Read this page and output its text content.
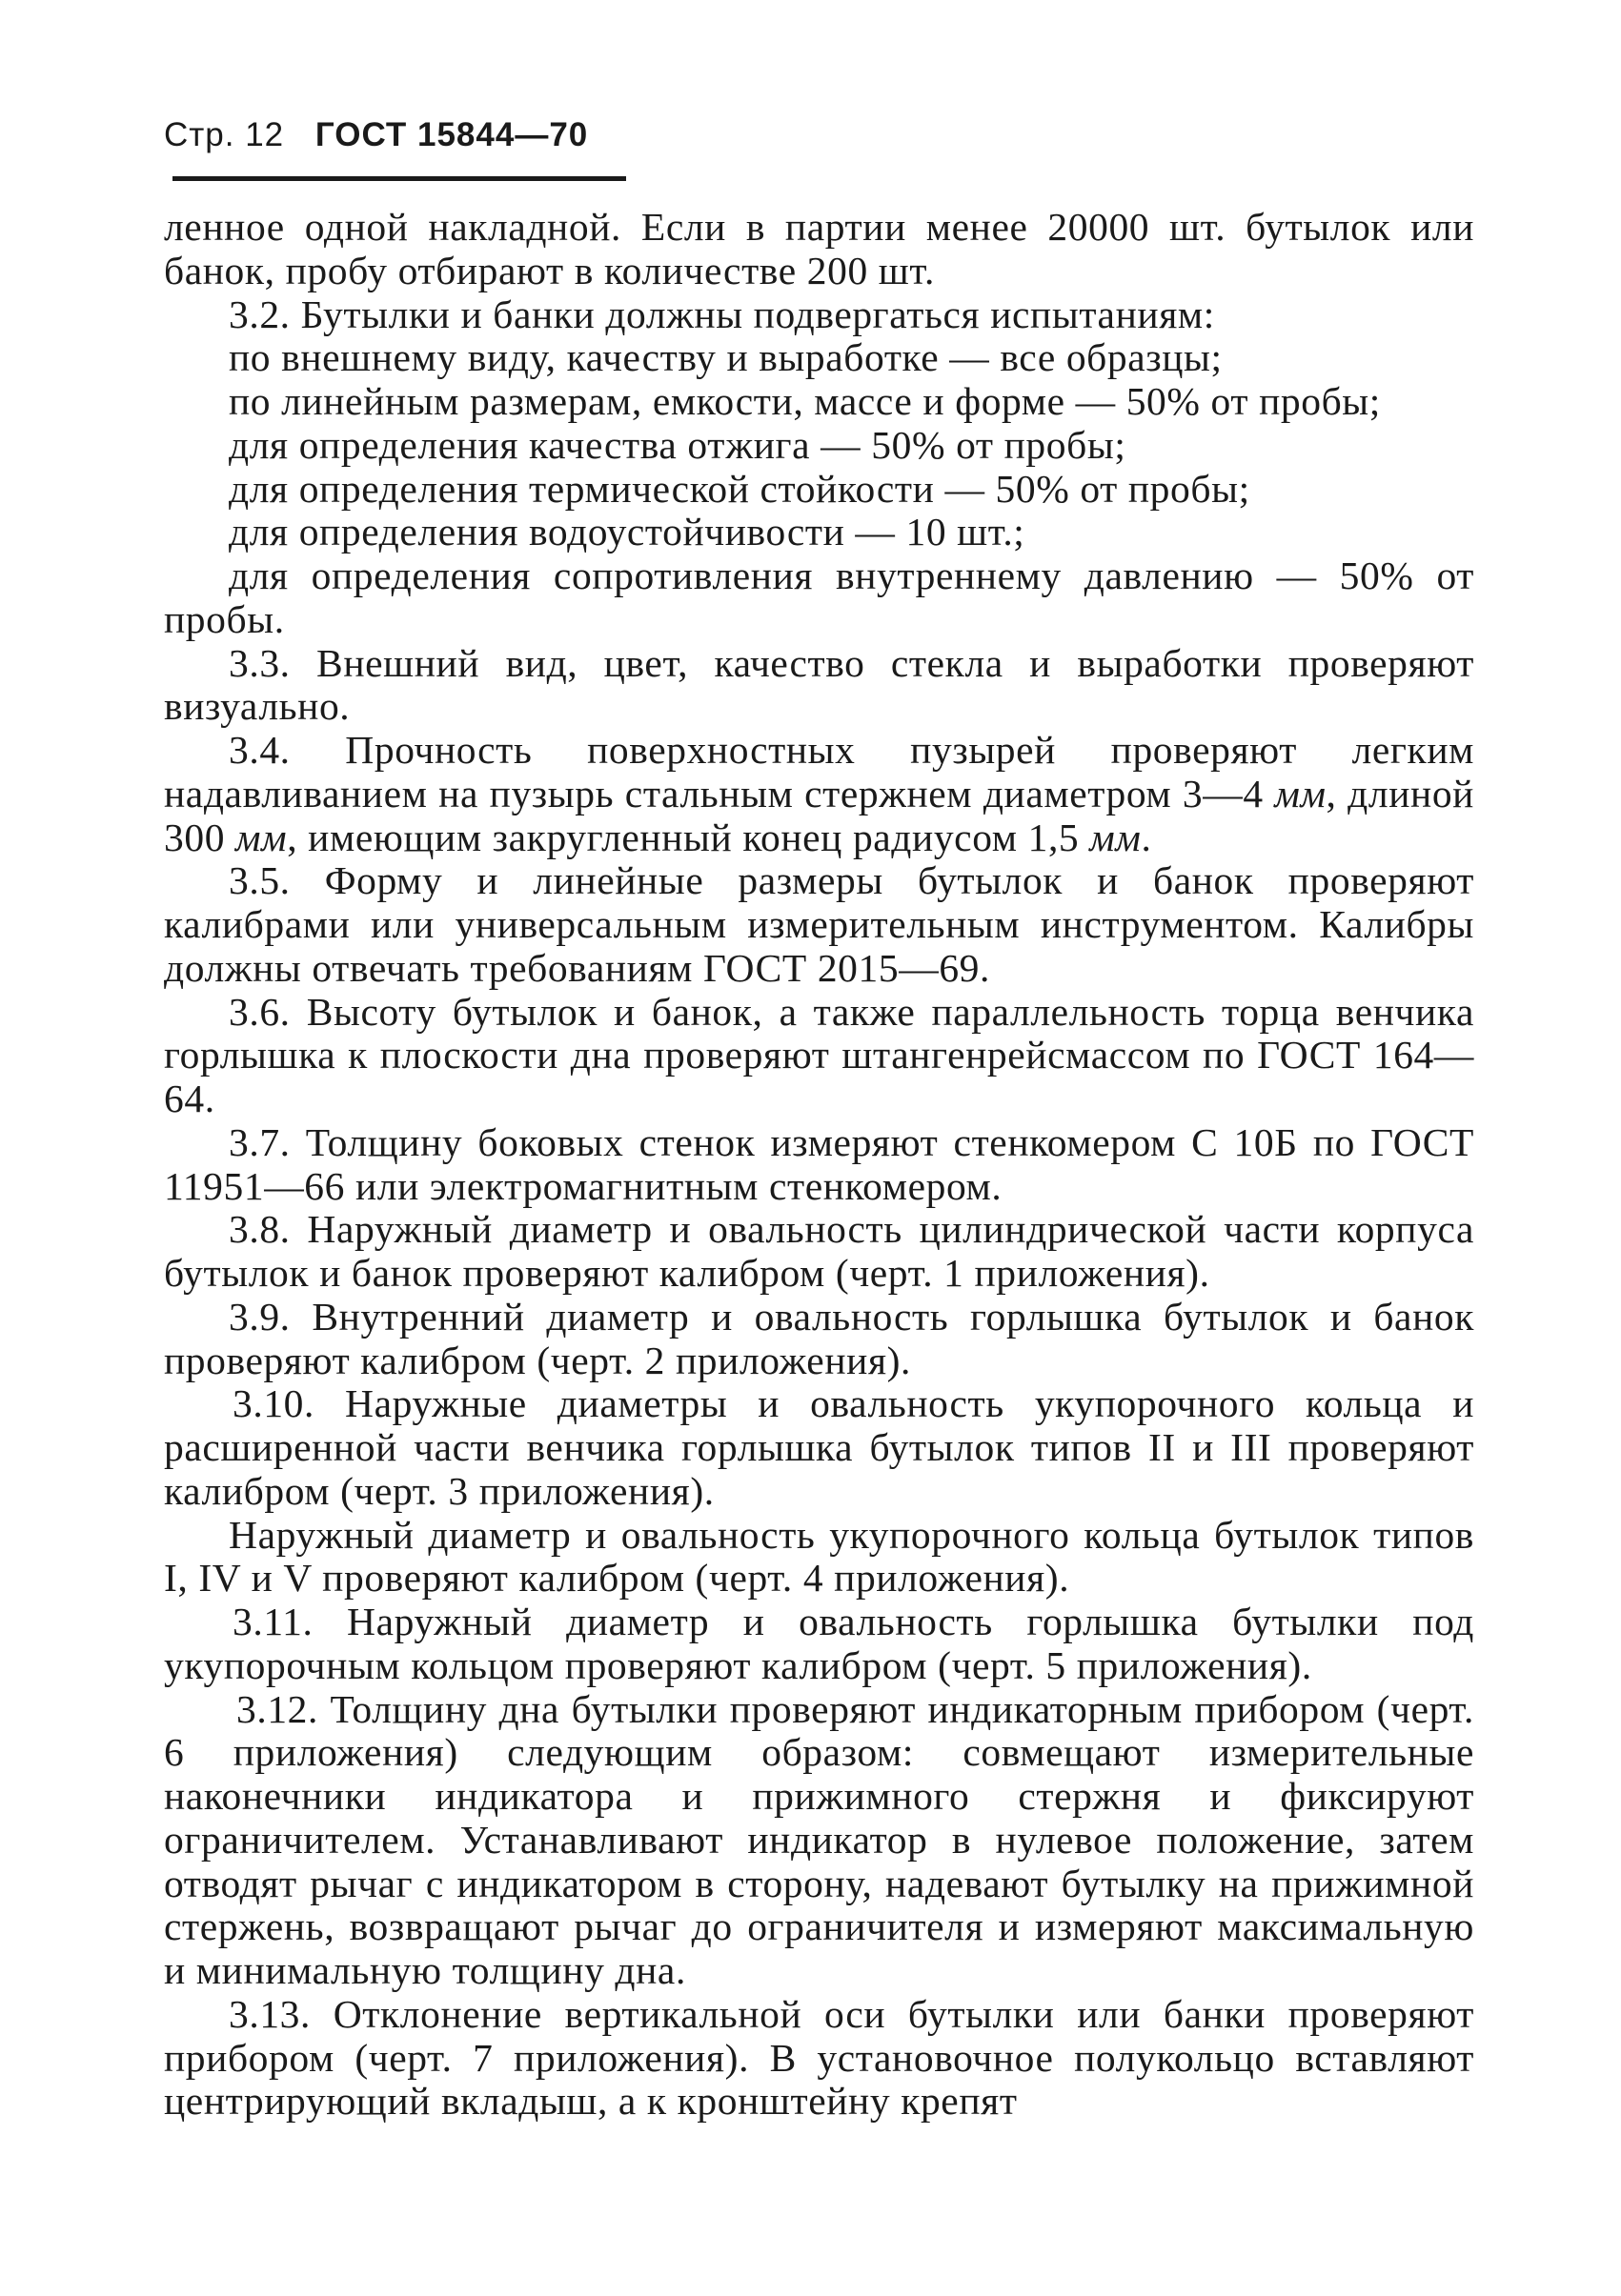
Стр. 12 ГОСТ 15844—70

ленное одной накладной. Если в партии менее 20000 шт. бутылок или банок, пробу отбирают в количестве 200 шт.

3.2. Бутылки и банки должны подвергаться испытаниям:

по внешнему виду, качеству и выработке — все образцы;

по линейным размерам, емкости, массе и форме — 50% от пробы;

для определения качества отжига — 50% от пробы;

для определения термической стойкости — 50% от пробы;

для определения водоустойчивости — 10 шт.;

для определения сопротивления внутреннему давлению — 50% от пробы.

3.3. Внешний вид, цвет, качество стекла и выработки проверяют визуально.

3.4. Прочность поверхностных пузырей проверяют легким надавливанием на пузырь стальным стержнем диаметром 3—4 мм, длиной 300 мм, имеющим закругленный конец радиусом 1,5 мм.

3.5. Форму и линейные размеры бутылок и банок проверяют калибрами или универсальным измерительным инструментом. Калибры должны отвечать требованиям ГОСТ 2015—69.

3.6. Высоту бутылок и банок, а также параллельность торца венчика горлышка к плоскости дна проверяют штангенрейсмассом по ГОСТ 164—64.

3.7. Толщину боковых стенок измеряют стенкомером С 10Б по ГОСТ 11951—66 или электромагнитным стенкомером.

3.8. Наружный диаметр и овальность цилиндрической части корпуса бутылок и банок проверяют калибром (черт. 1 приложения).

3.9. Внутренний диаметр и овальность горлышка бутылок и банок проверяют калибром (черт. 2 приложения).

3.10. Наружные диаметры и овальность укупорочного кольца и расширенной части венчика горлышка бутылок типов II и III проверяют калибром (черт. 3 приложения).

Наружный диаметр и овальность укупорочного кольца бутылок типов I, IV и V проверяют калибром (черт. 4 приложения).

3.11. Наружный диаметр и овальность горлышка бутылки под укупорочным кольцом проверяют калибром (черт. 5 приложения).

3.12. Толщину дна бутылки проверяют индикаторным прибором (черт. 6 приложения) следующим образом: совмещают измерительные наконечники индикатора и прижимного стержня и фиксируют ограничителем. Устанавливают индикатор в нулевое положение, затем отводят рычаг с индикатором в сторону, надевают бутылку на прижимной стержень, возвращают рычаг до ограничителя и измеряют максимальную и минимальную толщину дна.

3.13. Отклонение вертикальной оси бутылки или банки проверяют прибором (черт. 7 приложения). В установочное полукольцо вставляют центрирующий вкладыш, а к кронштейну крепят
